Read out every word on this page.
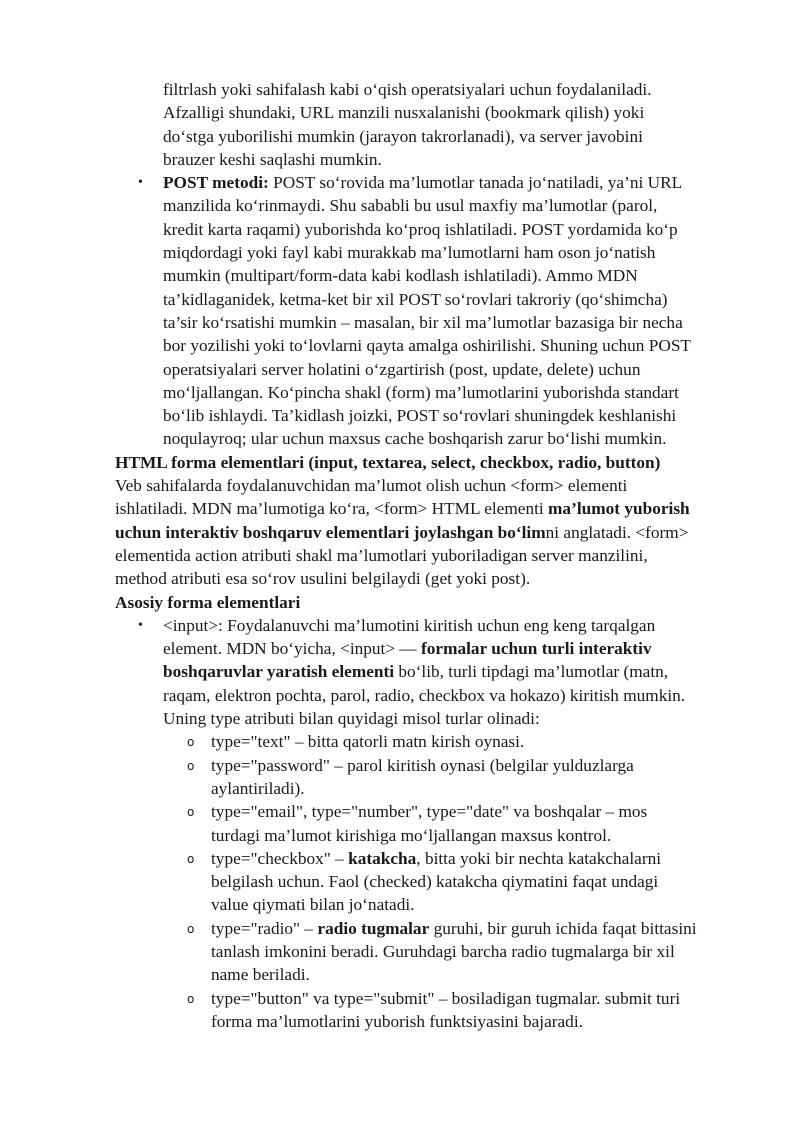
filtrlash yoki sahifalash kabi o‘qish operatsiyalari uchun foydalaniladi.

Afzalligi shundaki, URL manzili nusxalanishi (bookmark qilish) yoki

do‘stga yuborilishi mumkin (jarayon takrorlanadi), va server javobini

brauzer keshi saqlashi mumkin.

• POST metodi: POST so‘rovida ma’lumotlar tanada jo‘natiladi, ya’ni URL

manzilida ko‘rinmaydi. Shu sababli bu usul maxfiy ma’lumotlar (parol,

kredit karta raqami) yuborishda ko‘proq ishlatiladi. POST yordamida ko‘p

miqdordagi yoki fayl kabi murakkab ma’lumotlarni ham oson jo‘natish

mumkin (multipart/form-data kabi kodlash ishlatiladi). Ammo MDN

ta’kidlaganidek, ketma-ket bir xil POST so‘rovlari takroriy (qo‘shimcha)

ta’sir ko‘rsatishi mumkin – masalan, bir xil ma’lumotlar bazasiga bir necha

bor yozilishi yoki to‘lovlarni qayta amalga oshirilishi. Shuning uchun POST

operatsiyalari server holatini o‘zgartirish (post, update, delete) uchun

mo‘ljallangan. Ko‘pincha shakl (form) ma’lumotlarini yuborishda standart

bo‘lib ishlaydi. Ta’kidlash joizki, POST so‘rovlari shuningdek keshlanishi

noqulayroq; ular uchun maxsus cache boshqarish zarur bo‘lishi mumkin.

HTML forma elementlari (input, textarea, select, checkbox, radio, button)

Veb sahifalarda foydalanuvchidan ma’lumot olish uchun <form> elementi

ishlatiladi. MDN ma’lumotiga ko‘ra, <form> HTML elementi ma’lumot yuborish

uchun interaktiv boshqaruv elementlari joylashgan bo‘limni anglatadi. <form>

elementida action atributi shakl ma’lumotlari yuboriladigan server manzilini,

method atributi esa so‘rov usulini belgilaydi (get yoki post).

Asosiy forma elementlari

• <input>: Foydalanuvchi ma’lumotini kiritish uchun eng keng tarqalgan

element. MDN bo‘yicha, <input> — formalar uchun turli interaktiv

boshqaruvlar yaratish elementi bo‘lib, turli tipdagi ma’lumotlar (matn,

raqam, elektron pochta, parol, radio, checkbox va hokazo) kiritish mumkin.

Uning type atributi bilan quyidagi misol turlar olinadi:

o type="text" – bitta qatorli matn kirish oynasi.

o type="password" – parol kiritish oynasi (belgilar yulduzlarga

aylantiriladi).

o type="email", type="number", type="date" va boshqalar – mos

turdagi ma’lumot kirishiga mo‘ljallangan maxsus kontrol.

o type="checkbox" – katakcha, bitta yoki bir nechta katakchalarni

belgilash uchun. Faol (checked) katakcha qiymatini faqat undagi

value qiymati bilan jo‘natadi.

o type="radio" – radio tugmalar guruhi, bir guruh ichida faqat bittasini

tanlash imkonini beradi. Guruhdagi barcha radio tugmalarga bir xil

name beriladi.

o type="button" va type="submit" – bosiladigan tugmalar. submit turi

forma ma’lumotlarini yuborish funktsiyasini bajaradi.
